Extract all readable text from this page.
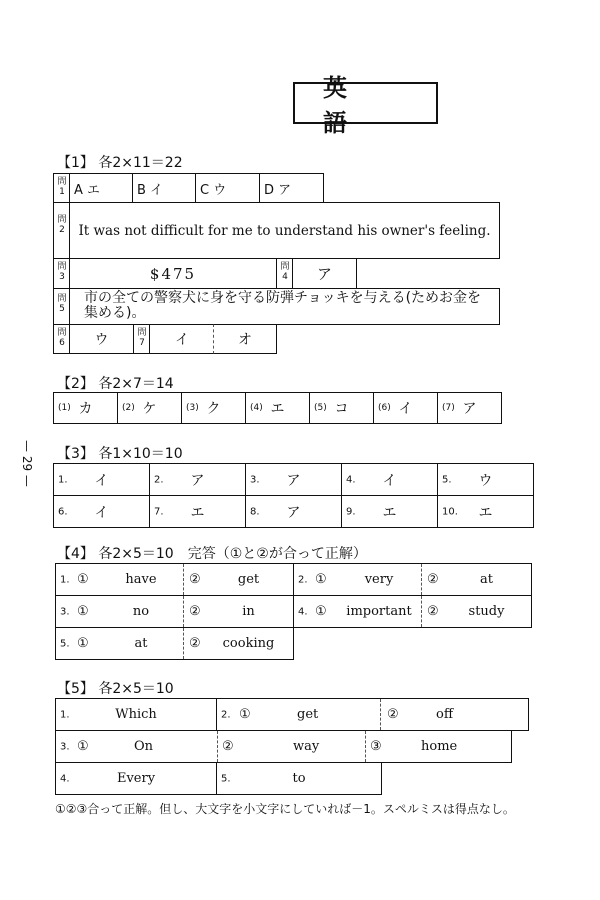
英 語
— 29 —
【1】 各2×11＝22
問1 A エ	B イ	C ウ	D ア
問2	It was not difficult for me to understand his owner's feeling.
問3	$475	問4	ア
問5
市の全ての警察犬に身を守る防弾チョッキを与える(ためお金を集める)。
問6	ウ	問7	イ	オ
【2】 各2×7＝14
(1) カ	(2) ケ	(3) ク	(4) エ	(5) コ	(6) イ	(7) ア
【3】 各1×10＝10
1. イ	2. ア	3. ア	4. イ	5. ウ
6. イ	7. エ	8. ア	9. エ	10. エ
【4】 各2×5＝10　完答（①と②が合って正解）
1. ①	have	②	get	2. ①	very	②	at
3. ①	no	②	in	4. ①	important	②	study
5. ①	at	②	cooking
【5】 各2×5＝10
1.	Which	2. ①	get	②	off
3. ①	On	②	way	③	home
4.	Every	5.	to
①②③合って正解。但し、大文字を小文字にしていれば－1。スペルミスは得点なし。
